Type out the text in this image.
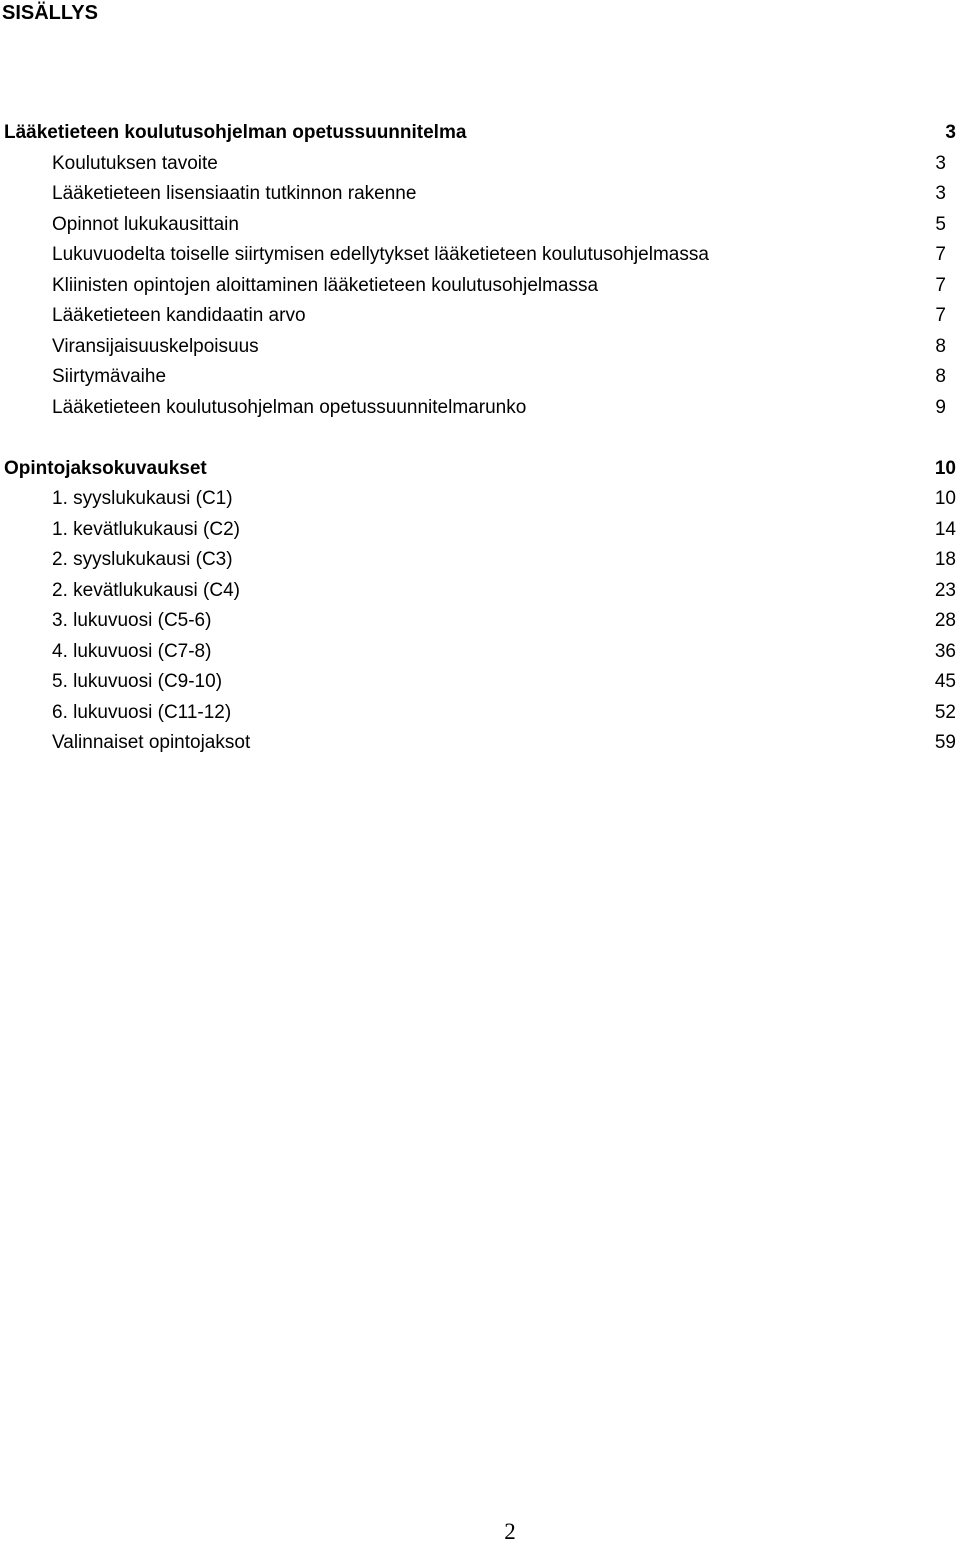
SISÄLLYS
Lääketieteen koulutusohjelman opetussuunnitelma	3
Koulutuksen tavoite	3
Lääketieteen lisensiaatin tutkinnon rakenne	3
Opinnot lukukausittain	5
Lukuvuodelta toiselle siirtymisen edellytykset lääketieteen koulutusohjelmassa	7
Kliinisten opintojen aloittaminen lääketieteen koulutusohjelmassa	7
Lääketieteen kandidaatin arvo	7
Viransijaisuuskelpoisuus	8
Siirtymävaihe	8
Lääketieteen koulutusohjelman opetussuunnitelmarunko	9
Opintojaksokuvaukset	10
1. syyslukukausi (C1)	10
1. kevätlukukausi (C2)	14
2. syyslukukausi (C3)	18
2. kevätlukukausi (C4)	23
3. lukuvuosi (C5-6)	28
4. lukuvuosi (C7-8)	36
5. lukuvuosi (C9-10)	45
6. lukuvuosi (C11-12)	52
Valinnaiset opintojaksot	59
2
